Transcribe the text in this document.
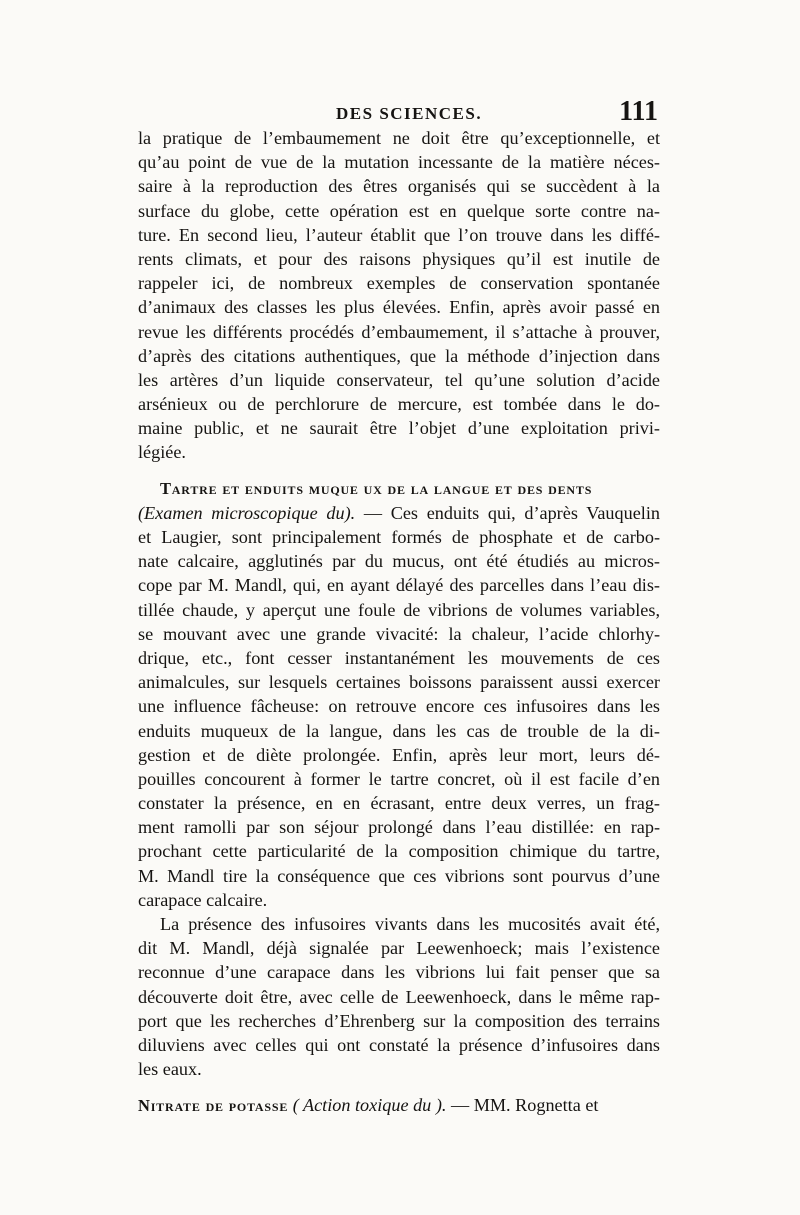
DES SCIENCES.	111
la pratique de l’embaumement ne doit être qu’exceptionnelle, et
qu’au point de vue de la mutation incessante de la matière néces-
saire à la reproduction des êtres organisés qui se succèdent à la
surface du globe, cette opération est en quelque sorte contre na-
ture. En second lieu, l’auteur établit que l’on trouve dans les diffé-
rents climats, et pour des raisons physiques qu’il est inutile de
rappeler ici, de nombreux exemples de conservation spontanée
d’animaux des classes les plus élevées. Enfin, après avoir passé en
revue les différents procédés d’embaumement, il s’attache à prouver,
d’après des citations authentiques, que la méthode d’injection dans
les artères d’un liquide conservateur, tel qu’une solution d’acide
arsénieux ou de perchlorure de mercure, est tombée dans le do-
maine public, et ne saurait être l’objet d’une exploitation privi-
légiée.
Tartre et enduits muque ux de la langue et des dents
(Examen microscopique du). — Ces enduits qui, d’après Vauquelin
et Laugier, sont principalement formés de phosphate et de carbo-
nate calcaire, agglutinés par du mucus, ont été étudiés au micros-
cope par M. Mandl, qui, en ayant délayé des parcelles dans l’eau dis-
tillée chaude, y aperçut une foule de vibrions de volumes variables,
se mouvant avec une grande vivacité: la chaleur, l’acide chlorhy-
drique, etc., font cesser instantanément les mouvements de ces
animalcules, sur lesquels certaines boissons paraissent aussi exercer
une influence fâcheuse: on retrouve encore ces infusoires dans les
enduits muqueux de la langue, dans les cas de trouble de la di-
gestion et de diète prolongée. Enfin, après leur mort, leurs dé-
pouilles concourent à former le tartre concret, où il est facile d’en
constater la présence, en en écrasant, entre deux verres, un frag-
ment ramolli par son séjour prolongé dans l’eau distillée: en rap-
prochant cette particularité de la composition chimique du tartre,
M. Mandl tire la conséquence que ces vibrions sont pourvus d’une
carapace calcaire.
La présence des infusoires vivants dans les mucosités avait été,
dit M. Mandl, déjà signalée par Leewenhoeck; mais l’existence
reconnue d’une carapace dans les vibrions lui fait penser que sa
découverte doit être, avec celle de Leewenhoeck, dans le même rap-
port que les recherches d’Ehrenberg sur la composition des terrains
diluviens avec celles qui ont constaté la présence d’infusoires dans
les eaux.
Nitrate de potasse ( Action toxique du ). — MM. Rognetta et
